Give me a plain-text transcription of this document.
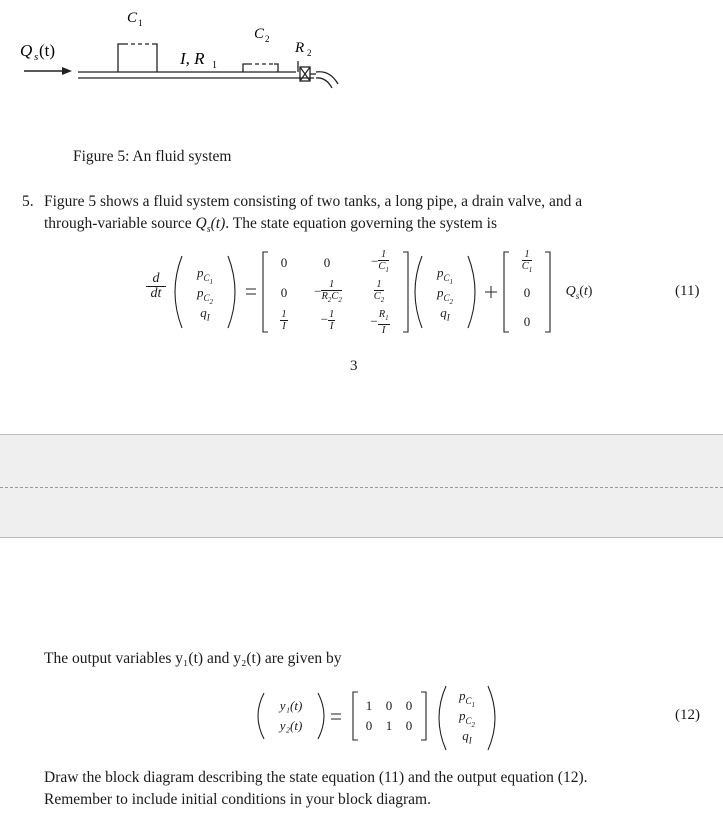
Q s (t)
C 1
I, R 1
C 2
R 2
Figure 5: An fluid system
5. Figure 5 shows a fluid system consisting of two tanks, a long pipe, a drain valve, and a
through-variable source $Q_s(t)$. The state equation governing the system is
$\frac{d}{dt}$	$p_{C_1}$
$p_{C_2}$
$q_I$
0	0	− $\frac{1}{C_1}$
0	− $\frac{1}{R_2C_2}$	$\frac{1}{C_2}$
$\frac{1}{I}$	− $\frac{1}{I}$	− $\frac{R_1}{I}$
$p_{C_1}$
$p_{C_2}$
$q_I$
$\frac{1}{C_1}$
0
0
$Q_s(t)$	(11)
3
The output variables y₁(t) and y₂(t) are given by
y₁(t)
y₂(t)
1	0	0
0	1	0
$p_{C_1}$
$p_{C_2}$
$q_I$
(12)
Draw the block diagram describing the state equation (11) and the output equation (12).
Remember to include initial conditions in your block diagram.
